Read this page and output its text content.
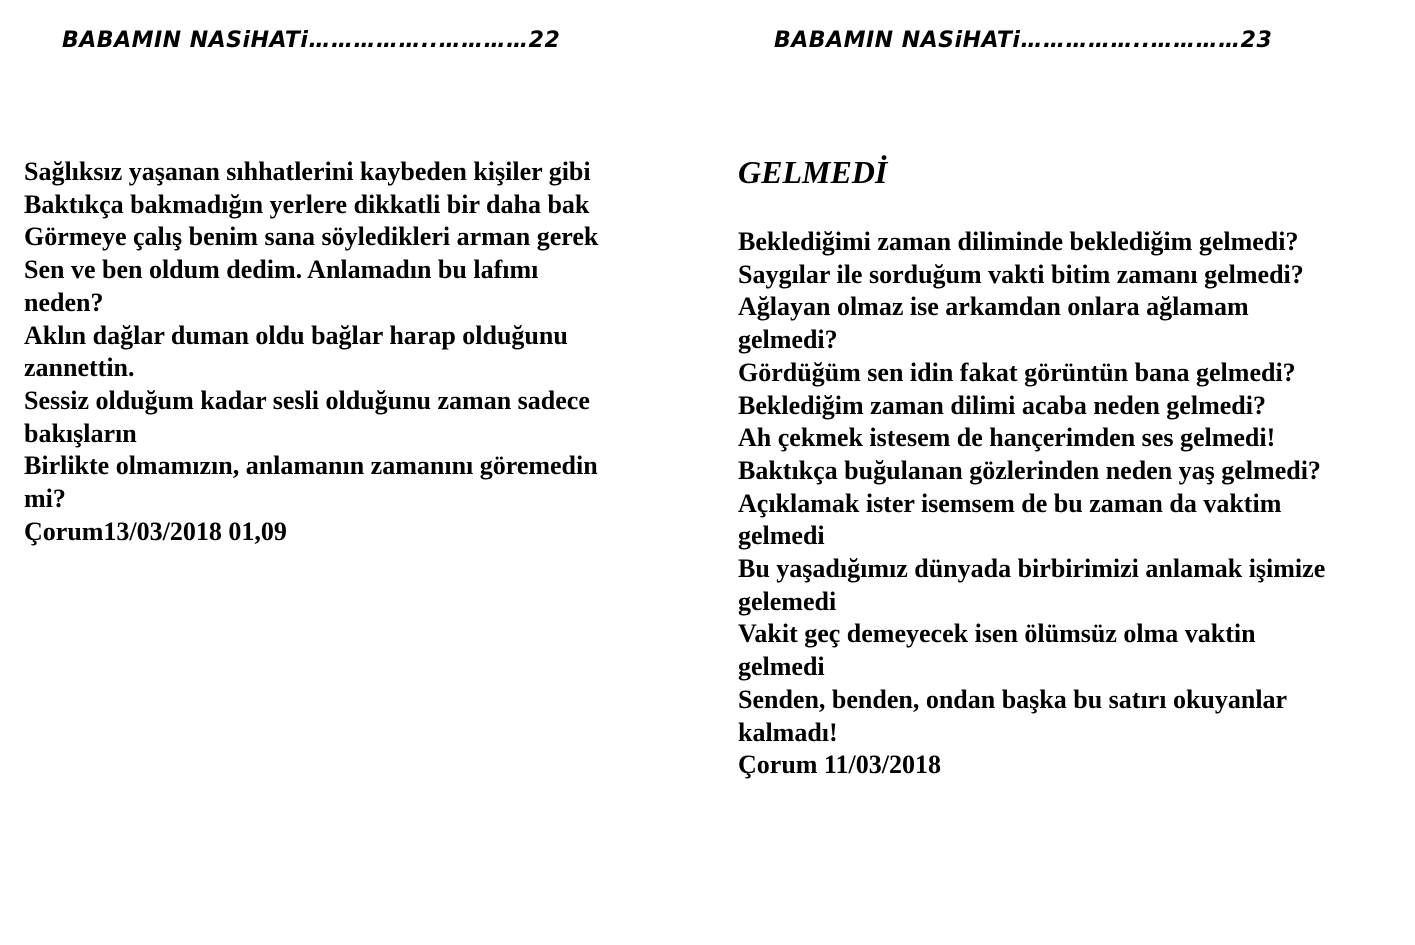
BABAMIN NASiHATi……………..…………22
Sağlıksız yaşanan sıhhatlerini kaybeden kişiler gibi
Baktıkça bakmadığın yerlere dikkatli bir daha bak
Görmeye çalış benim sana söyledikleri arman gerek
Sen ve ben oldum dedim. Anlamadın bu lafımı
neden?
Aklın dağlar duman oldu bağlar harap olduğunu
zannettin.
Sessiz olduğum kadar sesli olduğunu zaman sadece
bakışların
Birlikte olmamızın, anlamanın zamanını göremedin
mi?
Çorum13/03/2018 01,09
BABAMIN NASiHATi……………..…………23
GELMEDİ
Beklediğimi zaman diliminde beklediğim gelmedi?
Saygılar ile sorduğum vakti bitim zamanı gelmedi?
Ağlayan olmaz ise arkamdan onlara ağlamam
gelmedi?
Gördüğüm sen idin fakat görüntün bana gelmedi?
Beklediğim zaman dilimi acaba neden gelmedi?
Ah çekmek istesem de hançerimden ses gelmedi!
Baktıkça buğulanan gözlerinden neden yaş gelmedi?
Açıklamak ister isemsem de bu zaman da vaktim
gelmedi
Bu yaşadığımız dünyada birbirimizi anlamak işimize
gelemedi
Vakit geç demeyecek isen ölümsüz olma vaktin
gelmedi
Senden, benden, ondan başka bu satırı okuyanlar
kalmadı!
Çorum 11/03/2018
